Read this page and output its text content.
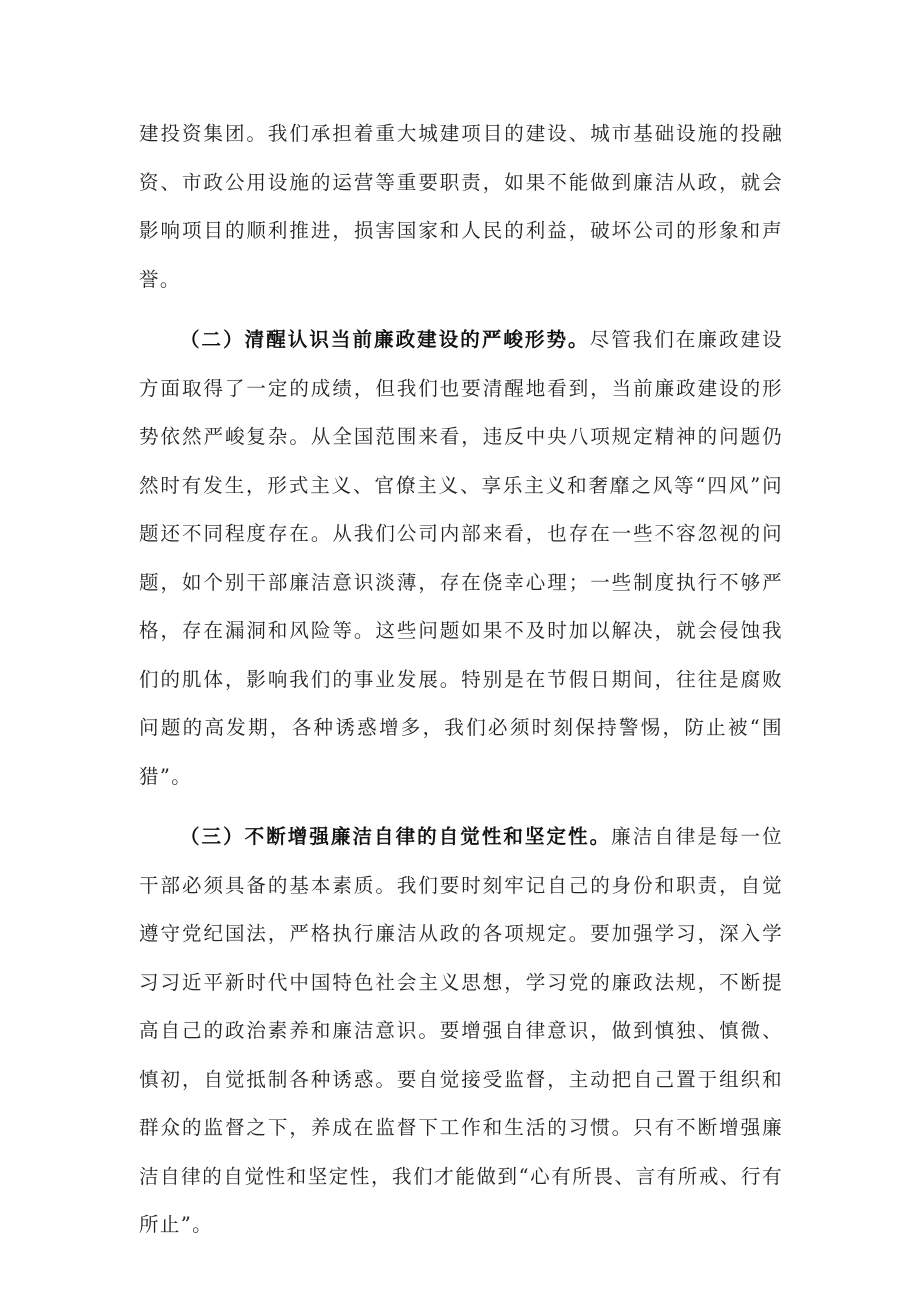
建投资集团。我们承担着重大城建项目的建设、城市基础设施的投融资、市政公用设施的运营等重要职责，如果不能做到廉洁从政，就会影响项目的顺利推进，损害国家和人民的利益，破坏公司的形象和声誉。

（二）清醒认识当前廉政建设的严峻形势。尽管我们在廉政建设方面取得了一定的成绩，但我们也要清醒地看到，当前廉政建设的形势依然严峻复杂。从全国范围来看，违反中央八项规定精神的问题仍然时有发生，形式主义、官僚主义、享乐主义和奢靡之风等“四风”问题还不同程度存在。从我们公司内部来看，也存在一些不容忽视的问题，如个别干部廉洁意识淡薄，存在侥幸心理；一些制度执行不够严格，存在漏洞和风险等。这些问题如果不及时加以解决，就会侵蚀我们的肌体，影响我们的事业发展。特别是在节假日期间，往往是腐败问题的高发期，各种诱惑增多，我们必须时刻保持警惕，防止被“围猎”。

（三）不断增强廉洁自律的自觉性和坚定性。廉洁自律是每一位干部必须具备的基本素质。我们要时刻牢记自己的身份和职责，自觉遵守党纪国法，严格执行廉洁从政的各项规定。要加强学习，深入学习习近平新时代中国特色社会主义思想，学习党的廉政法规，不断提高自己的政治素养和廉洁意识。要增强自律意识，做到慎独、慎微、慎初，自觉抵制各种诱惑。要自觉接受监督，主动把自己置于组织和群众的监督之下，养成在监督下工作和生活的习惯。只有不断增强廉洁自律的自觉性和坚定性，我们才能做到“心有所畏、言有所戒、行有所止”。
